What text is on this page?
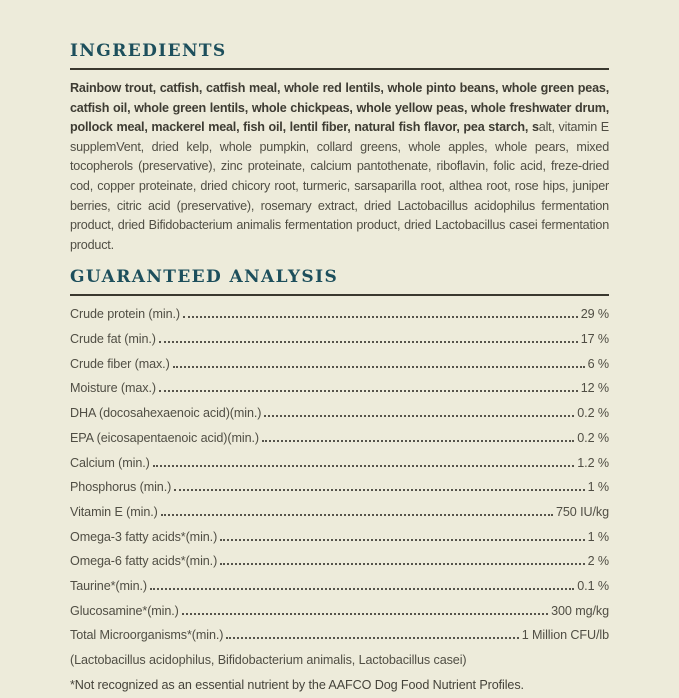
INGREDIENTS

Rainbow trout, catfish, catfish meal, whole red lentils, whole pinto beans, whole green peas, catfish oil, whole green lentils, whole chickpeas, whole yellow peas, whole freshwater drum, pollock meal, mackerel meal, fish oil, lentil fiber, natural fish flavor, pea starch, salt, vitamin E supplemVent, dried kelp, whole pumpkin, collard greens, whole apples, whole pears, mixed tocopherols (preservative), zinc proteinate, calcium pantothenate, riboflavin, folic acid, freze-dried cod, copper proteinate, dried chicory root, turmeric, sarsaparilla root, althea root, rose hips, juniper berries, citric acid (preservative), rosemary extract, dried Lactobacillus acidophilus fermentation product, dried Bifidobacterium animalis fermentation product, dried Lactobacillus casei fermentation product.

GUARANTEED ANALYSIS
Crude protein (min.)	29 %
Crude fat (min.)	17 %
Crude fiber (max.)	6 %
Moisture (max.)	12 %
DHA (docosahexaenoic acid)(min.)	0.2 %
EPA (eicosapentaenoic acid)(min.)	0.2 %
Calcium (min.)	1.2 %
Phosphorus (min.)	1 %
Vitamin E (min.)	750 IU/kg
Omega-3 fatty acids*(min.)	1 %
Omega-6 fatty acids*(min.)	2 %
Taurine*(min.)	0.1 %
Glucosamine*(min.)	300 mg/kg
Total Microorganisms*(min.)	1 Million CFU/lb

(Lactobacillus acidophilus, Bifidobacterium animalis, Lactobacillus casei)

*Not recognized as an essential nutrient by the AAFCO Dog Food Nutrient Profiles.
